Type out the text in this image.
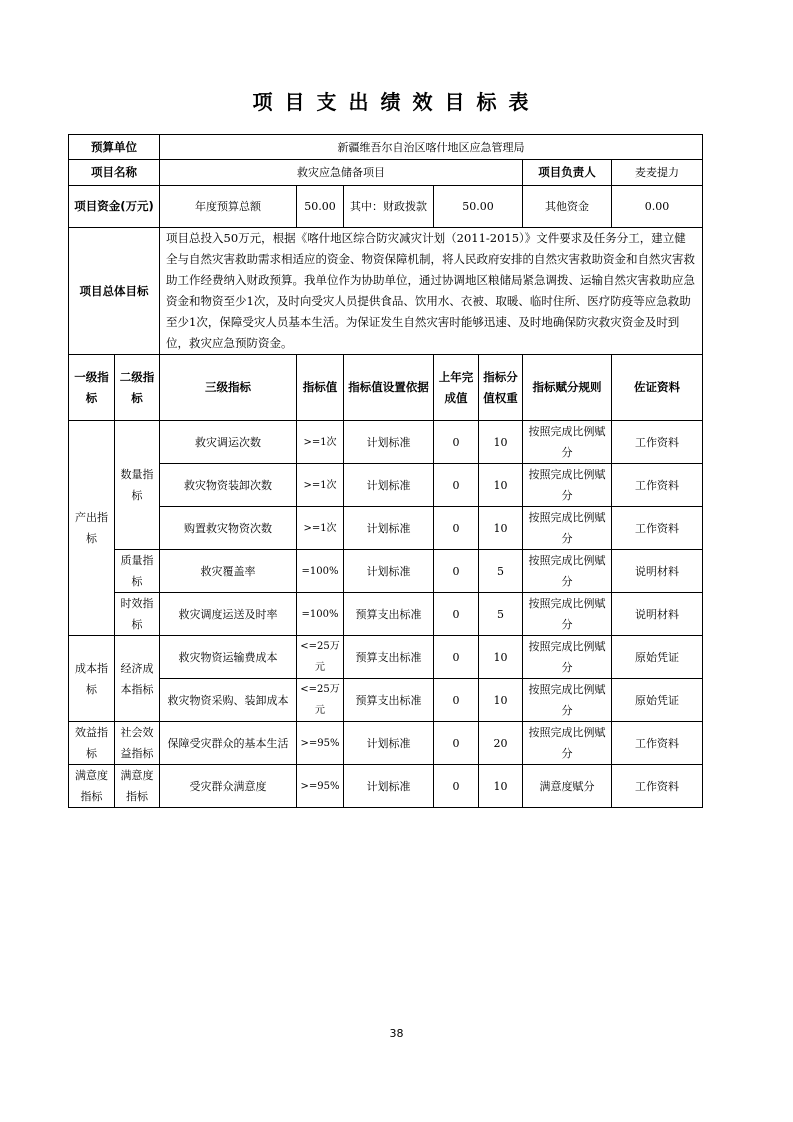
项目支出绩效目标表
预算单位		新疆维吾尔自治区喀什地区应急管理局						
项目名称		救灾应急储备项目					项目负责人	麦麦提力
项目资金(万元)		年度预算总额	50.00	其中：财政拨款	50.00		其他资金	0.00
项目总体目标		项目总投入50万元，根据《喀什地区综合防灾减灾计划（2011-2015）》文件要求及任务分工，建立健全与自然灾害救助需求相适应的资金、物资保障机制，将人民政府安排的自然灾害救助资金和自然灾害救助工作经费纳入财政预算。我单位作为协助单位，通过协调地区粮储局紧急调拨、运输自然灾害救助应急资金和物资至少1次，及时向受灾人员提供食品、饮用水、衣被、取暖、临时住所、医疗防疫等应急救助至少1次，保障受灾人员基本生活。为保证发生自然灾害时能够迅速、及时地确保防灾救灾资金及时到位，救灾应急预防资金。						
一级指标	二级指标	三级指标	指标值	指标值设置依据	上年完成值	指标分值权重	指标赋分规则	佐证资料
产出指标	数量指标	救灾调运次数	>=1次	计划标准	0	10	按照完成比例赋分	工作资料
		救灾物资装卸次数	>=1次	计划标准	0	10	按照完成比例赋分	工作资料
		购置救灾物资次数	>=1次	计划标准	0	10	按照完成比例赋分	工作资料
	质量指标	救灾覆盖率	=100%	计划标准	0	5	按照完成比例赋分	说明材料
	时效指标	救灾调度运送及时率	=100%	预算支出标准	0	5	按照完成比例赋分	说明材料
成本指标	经济成本指标	救灾物资运输费成本	<=25万元	预算支出标准	0	10	按照完成比例赋分	原始凭证
		救灾物资采购、装卸成本	<=25万元	预算支出标准	0	10	按照完成比例赋分	原始凭证
效益指标	社会效益指标	保障受灾群众的基本生活	>=95%	计划标准	0	20	按照完成比例赋分	工作资料
满意度指标	满意度指标	受灾群众满意度	>=95%	计划标准	0	10	满意度赋分	工作资料
38
